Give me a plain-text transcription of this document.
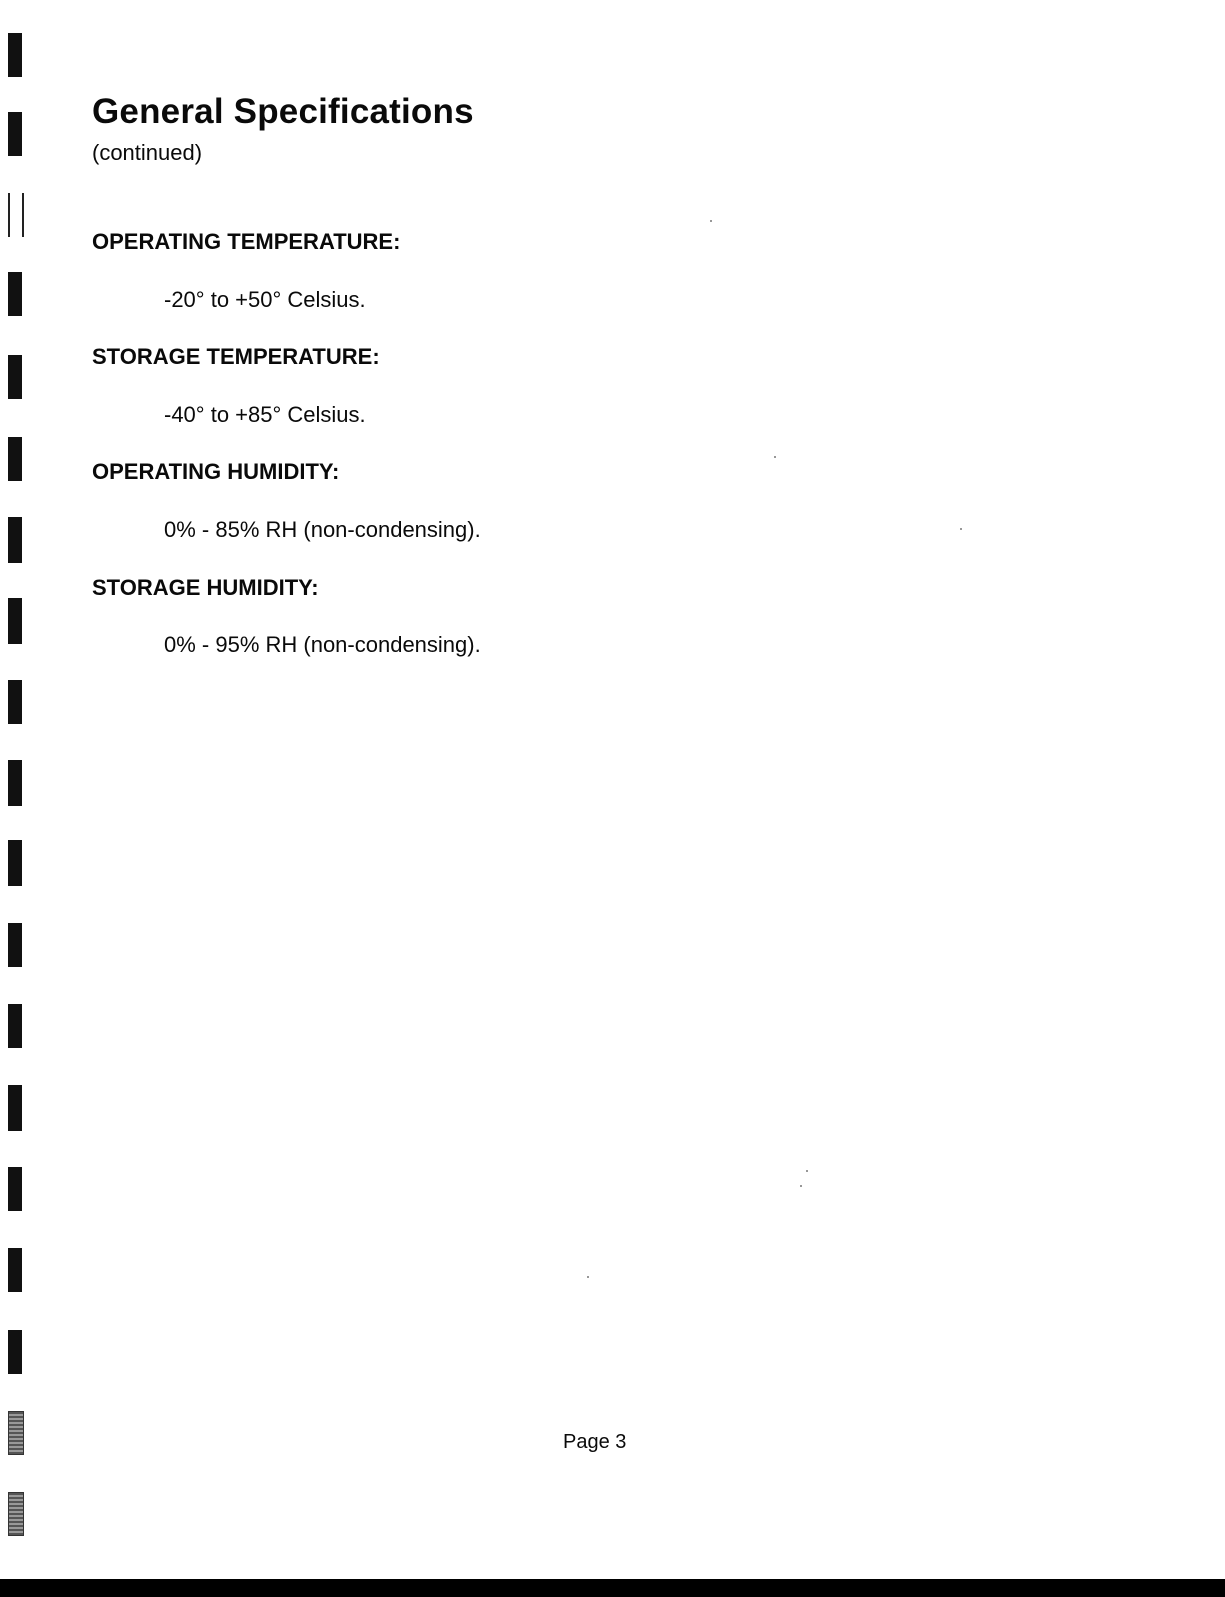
General Specifications

(continued)

OPERATING TEMPERATURE:

-20° to +50° Celsius.

STORAGE TEMPERATURE:

-40° to +85° Celsius.

OPERATING HUMIDITY:

0% - 85% RH (non-condensing).

STORAGE HUMIDITY:

0% - 95% RH (non-condensing).

Page 3
